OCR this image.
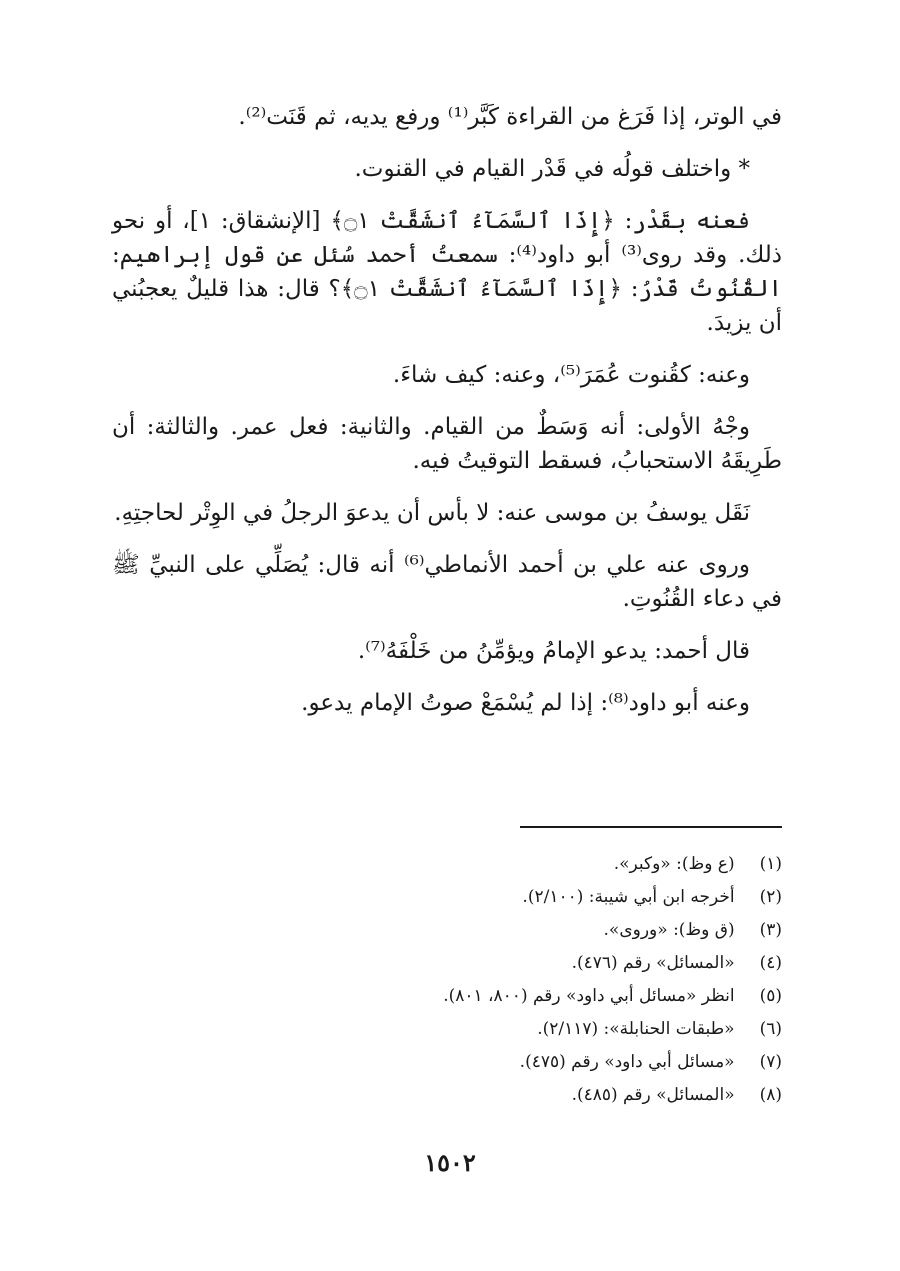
في الوتر، إذا فَرَغ من القراءة كَبَّر⁽¹⁾ ورفع يديه، ثم قَنَت⁽²⁾.

* واختلف قولُه في قَدْر القيام في القنوت.

فعنه بقَدْر: ﴿إِذَا ٱلسَّمَآءُ ٱنشَقَّتْ ۝١﴾ [الإنشقاق: ١]، أو نحو ذلك. وقد روى⁽³⁾ أبو داود⁽⁴⁾: سمعتُ أحمد سُئل عن قول إبراهيم: القُنُوتُ قَدْرُ: ﴿إِذَا ٱلسَّمَآءُ ٱنشَقَّتْ ۝١﴾؟ قال: هذا قليلٌ يعجبُني أن يزيدَ.

وعنه: كقُنوت عُمَرَ⁽⁵⁾، وعنه: كيف شاءَ.

وجْهُ الأولى: أنه وَسَطٌ من القيام. والثانية: فعل عمر. والثالثة: أن طَرِيقَهُ الاستحبابُ، فسقط التوقيتُ فيه.

نَقَل يوسفُ بن موسى عنه: لا بأس أن يدعوَ الرجلُ في الوِتْر لحاجتِهِ.

وروى عنه علي بن أحمد الأنماطي⁽⁶⁾ أنه قال: يُصَلِّي على النبيِّ ﷺ في دعاء القُنُوتِ.

قال أحمد: يدعو الإمامُ ويؤمِّنُ من خَلْفَهُ⁽⁷⁾.

وعنه أبو داود⁽⁸⁾: إذا لم يُسْمَعْ صوتُ الإمام يدعو.

(١) (ع وظ): «وكبر».
(٢) أخرجه ابن أبي شيبة: (٢/١٠٠).
(٣) (ق وظ): «وروى».
(٤) «المسائل» رقم (٤٧٦).
(٥) انظر «مسائل أبي داود» رقم (٨٠٠، ٨٠١).
(٦) «طبقات الحنابلة»: (٢/١١٧).
(٧) «مسائل أبي داود» رقم (٤٧٥).
(٨) «المسائل» رقم (٤٨٥).
١٥٠٢
